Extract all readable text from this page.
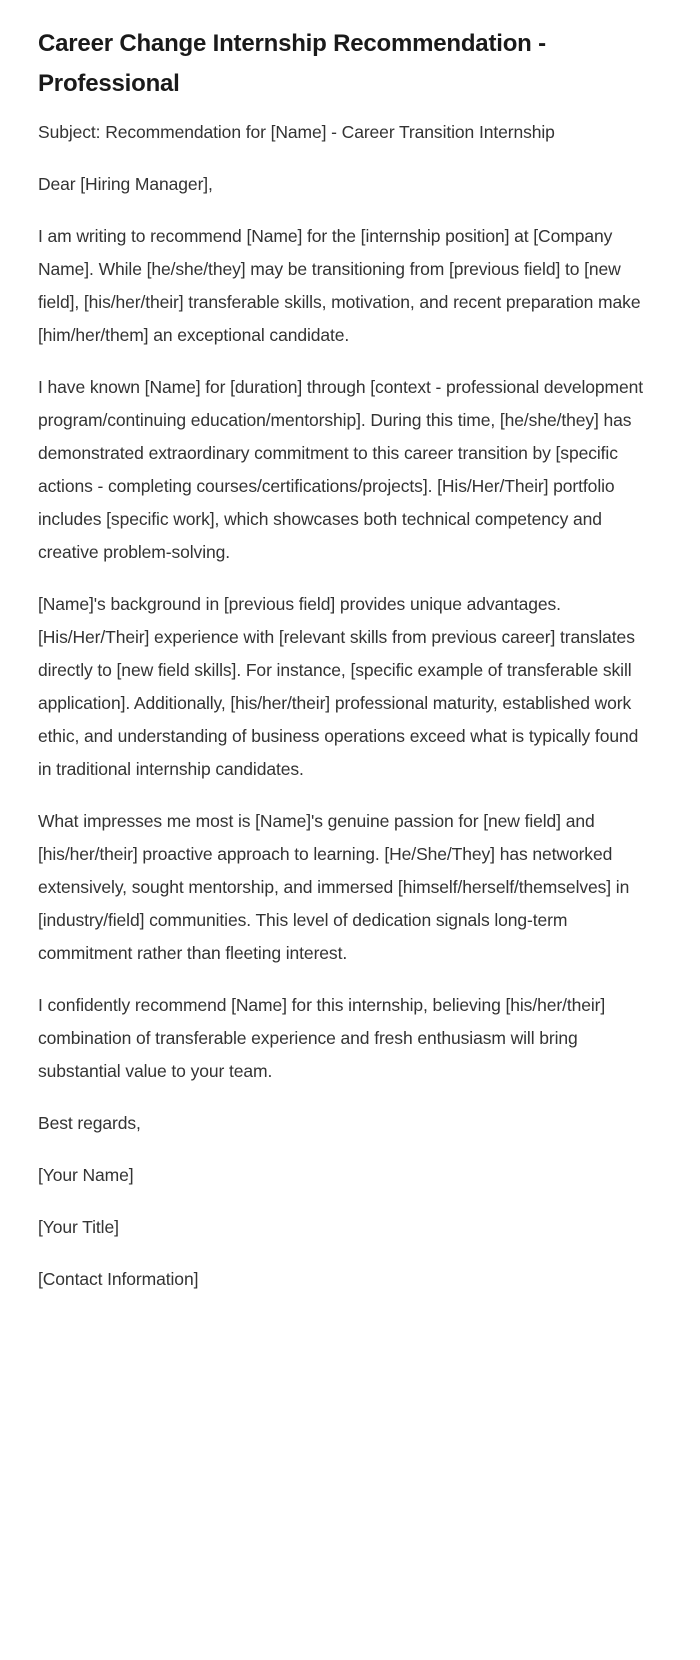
Career Change Internship Recommendation - Professional

Subject: Recommendation for [Name] - Career Transition Internship

Dear [Hiring Manager],

I am writing to recommend [Name] for the [internship position] at [Company Name]. While [he/she/they] may be transitioning from [previous field] to [new field], [his/her/their] transferable skills, motivation, and recent preparation make [him/her/them] an exceptional candidate.

I have known [Name] for [duration] through [context - professional development program/continuing education/mentorship]. During this time, [he/she/they] has demonstrated extraordinary commitment to this career transition by [specific actions - completing courses/certifications/projects]. [His/Her/Their] portfolio includes [specific work], which showcases both technical competency and creative problem-solving.

[Name]'s background in [previous field] provides unique advantages. [His/Her/Their] experience with [relevant skills from previous career] translates directly to [new field skills]. For instance, [specific example of transferable skill application]. Additionally, [his/her/their] professional maturity, established work ethic, and understanding of business operations exceed what is typically found in traditional internship candidates.

What impresses me most is [Name]'s genuine passion for [new field] and [his/her/their] proactive approach to learning. [He/She/They] has networked extensively, sought mentorship, and immersed [himself/herself/themselves] in [industry/field] communities. This level of dedication signals long-term commitment rather than fleeting interest.

I confidently recommend [Name] for this internship, believing [his/her/their] combination of transferable experience and fresh enthusiasm will bring substantial value to your team.

Best regards,

[Your Name]

[Your Title]

[Contact Information]
